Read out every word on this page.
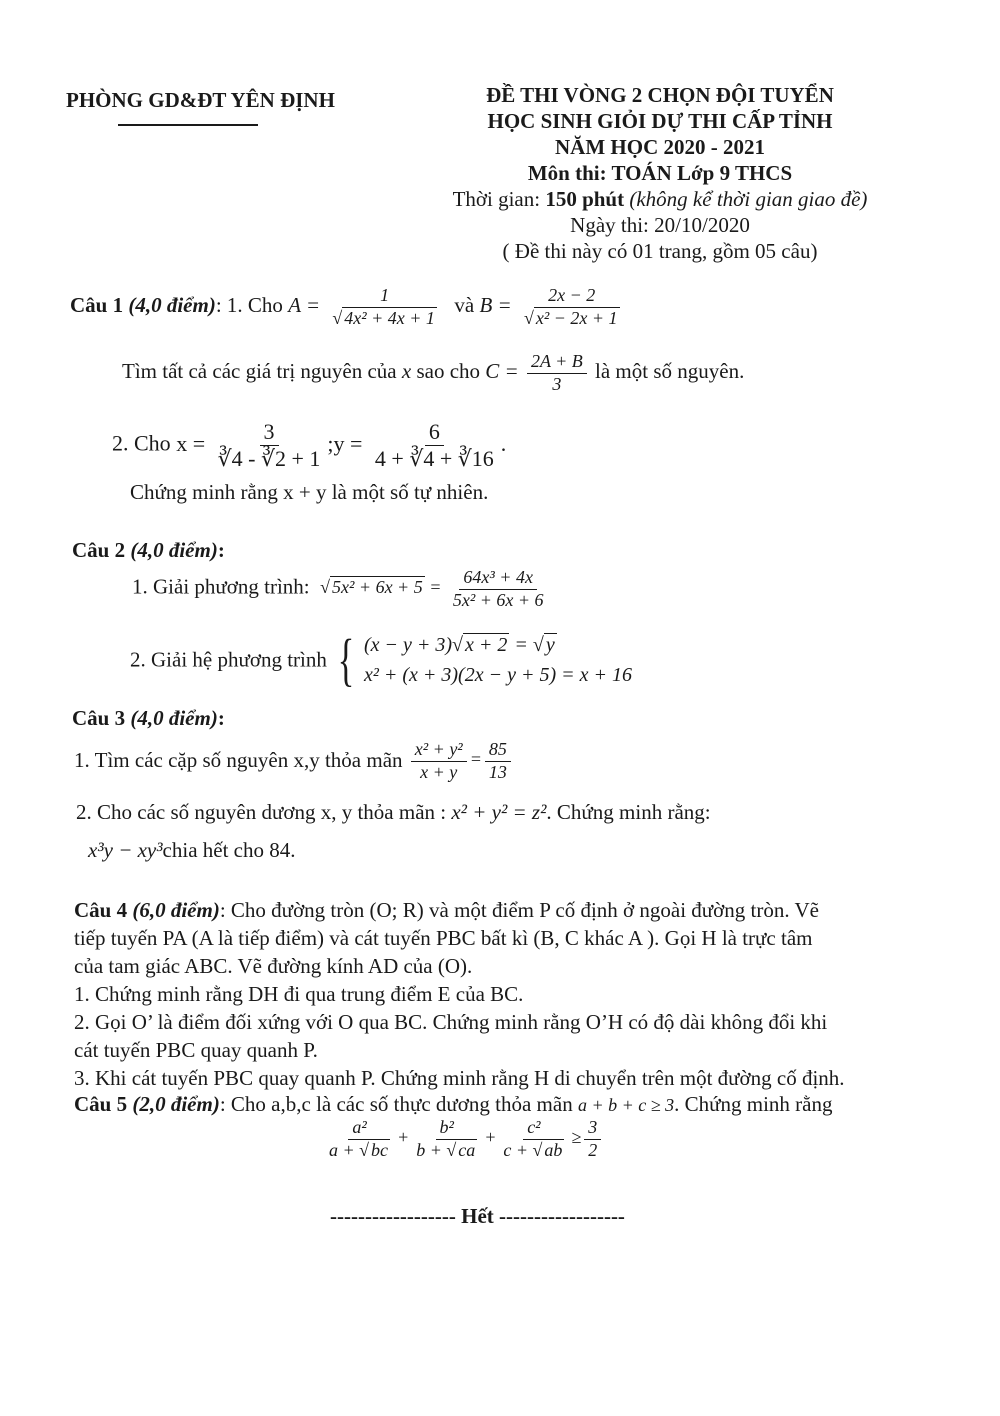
PHÒNG GD&ĐT YÊN ĐỊNH	ĐỀ THI VÒNG 2 CHỌN ĐỘI TUYỂN
HỌC SINH GIỎI DỰ THI CẤP TỈNH
NĂM HỌC 2020 - 2021
Môn thi: TOÁN Lớp 9 THCS
Thời gian: 150 phút (không kể thời gian giao đề)
Ngày thi: 20/10/2020
( Đề thi này có 01 trang, gồm 05 câu)
Câu 1 (4,0 điểm): 1. Cho $A = \frac{1}{\text{√ 4x² + 4x + 1}}$ và $B = \frac{2x - 2}{\text{√ x² − 2x + 1}}$
Tìm tất cả các giá trị nguyên của x sao cho $C = \frac{2A + B}{3}$ là một số nguyên.
2. Cho $x = \frac{3}{∛4 - ∛2 + 1}$ ;y = $\frac{6}{4 + ∛4 + ∛16}$ .
Chứng minh rằng x + y là một số tự nhiên.
Câu 2 (4,0 điểm):
1. Giải phương trình: √ $5x^2 + 6x + 5 = \frac{\text{64x³ + 4x}}{\text{5x² + 6x + 6}}$
2. Giải hệ phương trình { (x − y + 3)√ x + 2 = √ y
x² + (x + 3)(2x − y + 5) = x + 16
Câu 3 (4,0 điểm):
1. Tìm các cặp số nguyên x,y thỏa mãn $\frac{\text{x² + y²}}{x + y} = \frac{85}{13}$
2. Cho các số nguyên dương x, y thỏa mãn : x² + y² = z². Chứng minh rằng:
x³y − xy³chia hết cho 84.
Câu 4 (6,0 điểm): Cho đường tròn (O; R) và một điểm P cố định ở ngoài đường tròn. Vẽ
tiếp tuyến PA (A là tiếp điểm) và cát tuyến PBC bất kì (B, C khác A ). Gọi H là trực tâm
của tam giác ABC. Vẽ đường kính AD của (O).
1. Chứng minh rằng DH đi qua trung điểm E của BC.
2. Gọi O’ là điểm đối xứng với O qua BC. Chứng minh rằng O’H có độ dài không đổi khi
cát tuyến PBC quay quanh P.
3. Khi cát tuyến PBC quay quanh P. Chứng minh rằng H di chuyển trên một đường cố định.
Câu 5 (2,0 điểm): Cho a,b,c là các số thực dương thỏa mãn a + b + c ≥ 3. Chứng minh rằng
$\frac{\text{a²}}{a + √ bc} + \frac{\text{b²}}{b + √ ca} + \frac{\text{c²}}{c + √ ab} \ge \frac{3}{2}$
------------------ Hết ------------------
